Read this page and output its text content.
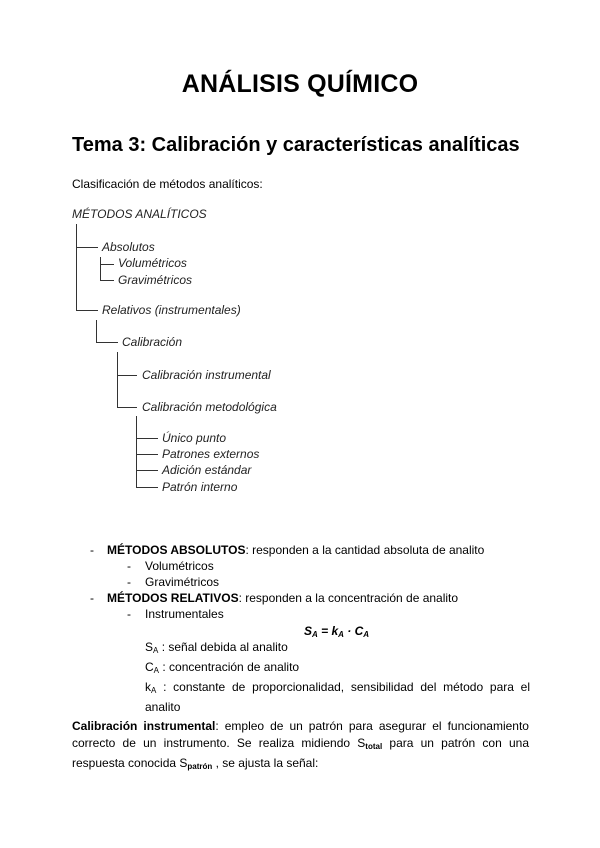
ANÁLISIS QUÍMICO
Tema 3: Calibración y características analíticas
Clasificación de métodos analíticos:
MÉTODOS ANALÍTICOS
Absolutos
Volumétricos
Gravimétricos
Relativos (instrumentales)
Calibración
Calibración instrumental
Calibración metodológica
Único punto
Patrones externos
Adición estándar
Patrón interno
- MÉTODOS ABSOLUTOS: responden a la cantidad absoluta de analito
- Volumétricos
- Gravimétricos
- MÉTODOS RELATIVOS: responden a la concentración de analito
- Instrumentales
$S_A = k_A \cdot C_A$
$S_A$ : señal debida al analito
$C_A$ : concentración de analito
$k_A$ : constante de proporcionalidad, sensibilidad del método para el analito
Calibración instrumental: empleo de un patrón para asegurar el funcionamiento correcto de un instrumento. Se realiza midiendo $S_{total}$ para un patrón con una respuesta conocida $S_{patrón}$ , se ajusta la señal:
